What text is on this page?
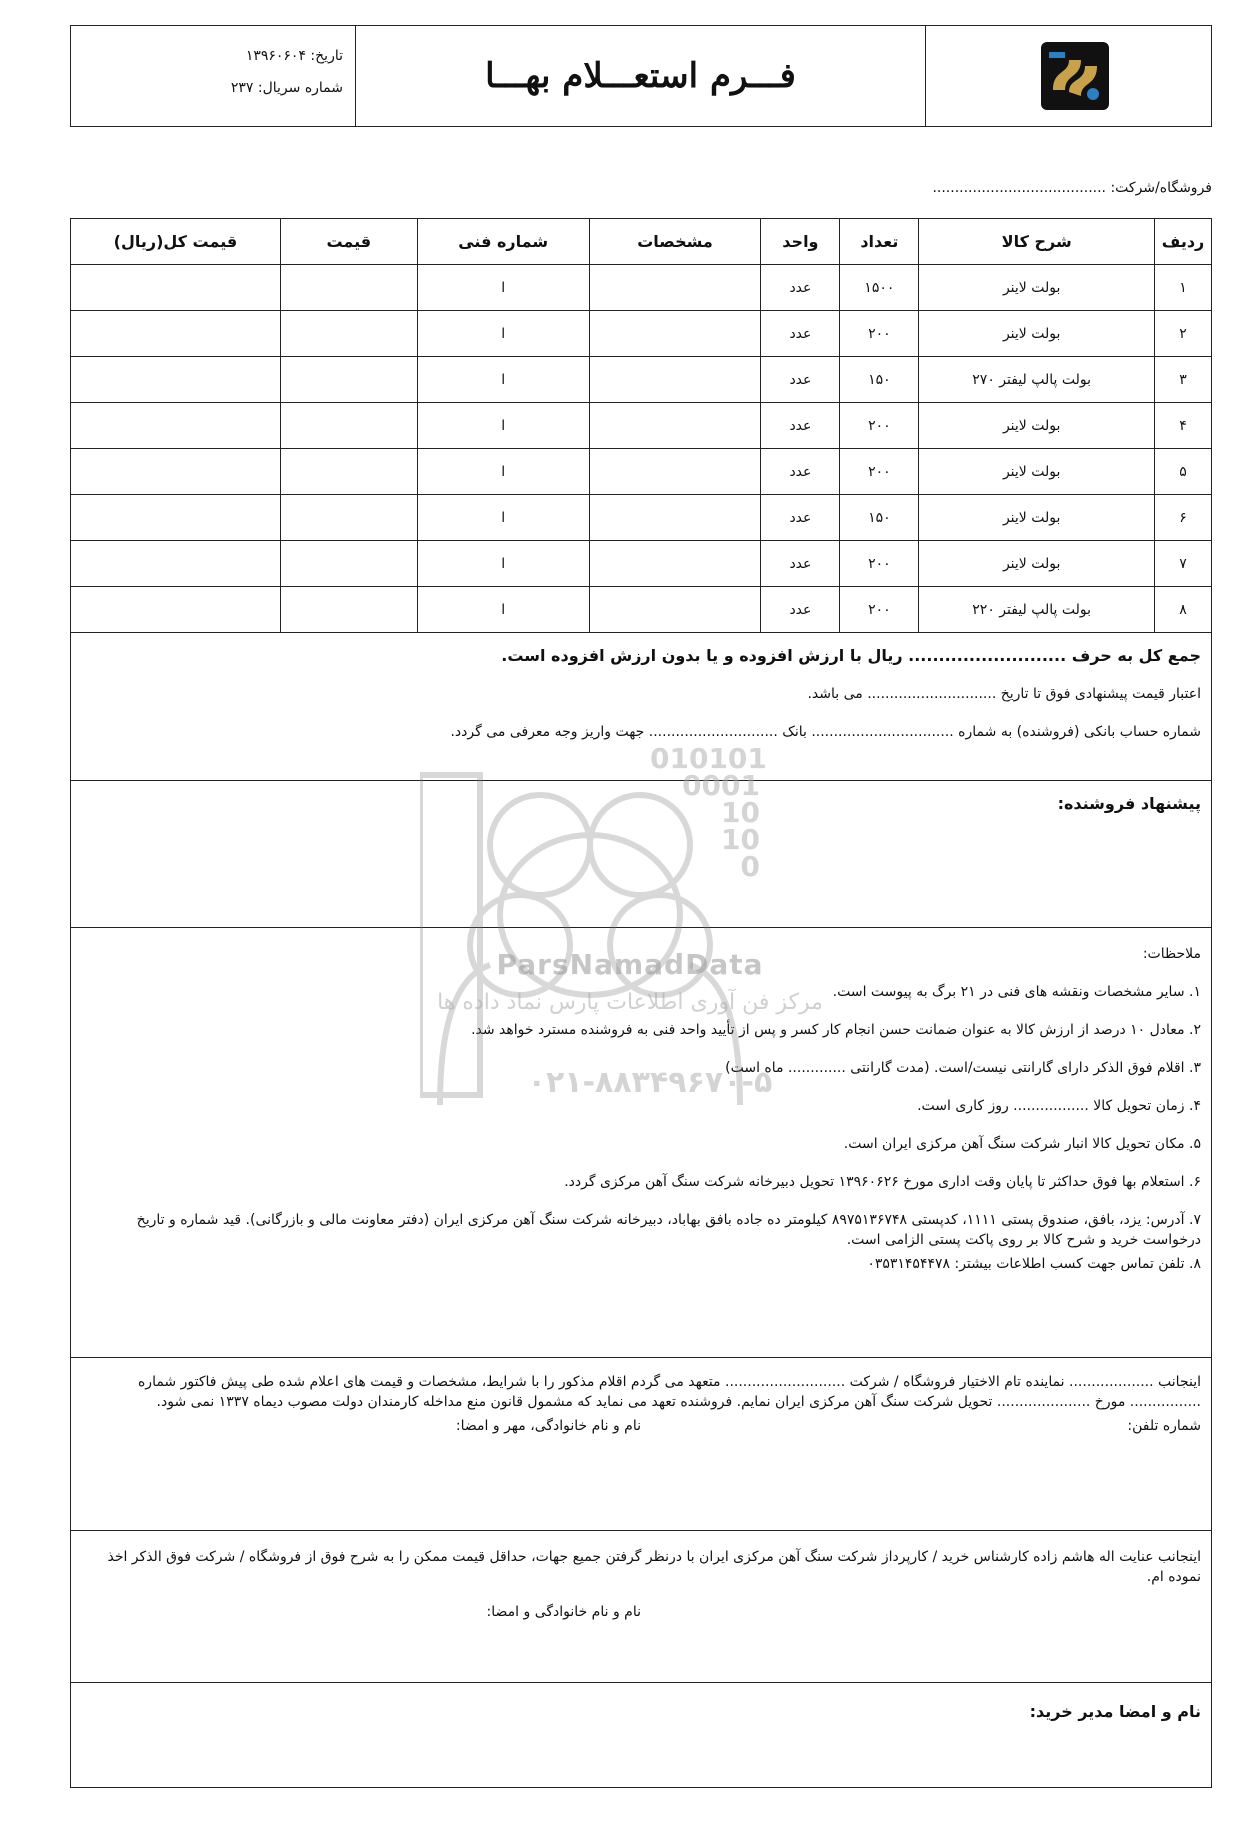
تاریخ: ۱۳۹۶۰۶۰۴
شماره سریال: ۲۳۷	فـــرم استعـــلام بهـــا
فروشگاه/شرکت: .......................................
ردیف	شرح کالا	تعداد	واحد	مشخصات	شماره فنی	قیمت	قیمت کل(ریال)
۱	بولت لاینر	۱۵۰۰	عدد		ا		
۲	بولت لاینر	۲۰۰	عدد		ا		
۳	بولت پالپ لیفتر ۲۷۰	۱۵۰	عدد		ا		
۴	بولت لاینر	۲۰۰	عدد		ا		
۵	بولت لاینر	۲۰۰	عدد		ا		
۶	بولت لاینر	۱۵۰	عدد		ا		
۷	بولت لاینر	۲۰۰	عدد		ا		
۸	بولت پالپ لیفتر ۲۲۰	۲۰۰	عدد		ا		

جمع کل به حرف .......................... ریال با ارزش افزوده و یا بدون ارزش افزوده است.

اعتبار قیمت پیشنهادی فوق تا تاریخ ............................. می باشد.

شماره حساب بانکی (فروشنده) به شماره ................................ بانک ............................. جهت واریز وجه معرفی می گردد.

پیشنهاد فروشنده:

ملاحظات:

۱. سایر مشخصات ونقشه های فنی در ۲۱ برگ به پیوست است.

۲. معادل ۱۰ درصد از ارزش کالا به عنوان ضمانت حسن انجام کار کسر و پس از تأیید واحد فنی به فروشنده مسترد خواهد شد.

۳. اقلام فوق الذکر دارای گارانتی نیست/است. (مدت گارانتی ............. ماه است)

۴. زمان تحویل کالا ................. روز کاری است.

۵. مکان تحویل کالا انبار شرکت سنگ آهن مرکزی ایران است.

۶. استعلام بها فوق حداکثر تا پایان وقت اداری مورخ ۱۳۹۶۰۶۲۶ تحویل دبیرخانه شرکت سنگ آهن مرکزی گردد.

۷. آدرس: یزد، بافق، صندوق پستی ۱۱۱۱، کدپستی ۸۹۷۵۱۳۶۷۴۸ کیلومتر ده جاده بافق بهاباد، دبیرخانه شرکت سنگ آهن مرکزی ایران (دفتر معاونت مالی و بازرگانی). قید شماره و تاریخ درخواست خرید و شرح کالا بر روی پاکت پستی الزامی است.

۸. تلفن تماس جهت کسب اطلاعات بیشتر: ۰۳۵۳۱۴۵۴۴۷۸

اینجانب ................... نماینده تام الاختیار فروشگاه / شرکت ........................... متعهد می گردم اقلام مذکور را با شرایط، مشخصات و قیمت های اعلام شده طی پیش فاکتور شماره ................ مورخ ..................... تحویل شرکت سنگ آهن مرکزی ایران نمایم. فروشنده تعهد می نماید که مشمول قانون منع مداخله کارمندان دولت مصوب دیماه ۱۳۳۷ نمی شود.

شماره تلفن:
نام و نام خانوادگی، مهر و امضا:

اینجانب عنایت اله هاشم زاده کارشناس خرید / کارپرداز شرکت سنگ آهن مرکزی ایران با درنظر گرفتن جمیع جهات، حداقل قیمت ممکن را به شرح فوق از فروشگاه / شرکت فوق الذکر اخذ نموده ام.

نام و نام خانوادگی و امضا:

نام و امضا مدیر خرید:

010101
0001
10
10
0
ParsNamadData
مرکز فن آوری اطلاعات پارس نماد داده ها
۰۲۱-۸۸۳۴۹۶۷۰-۵
